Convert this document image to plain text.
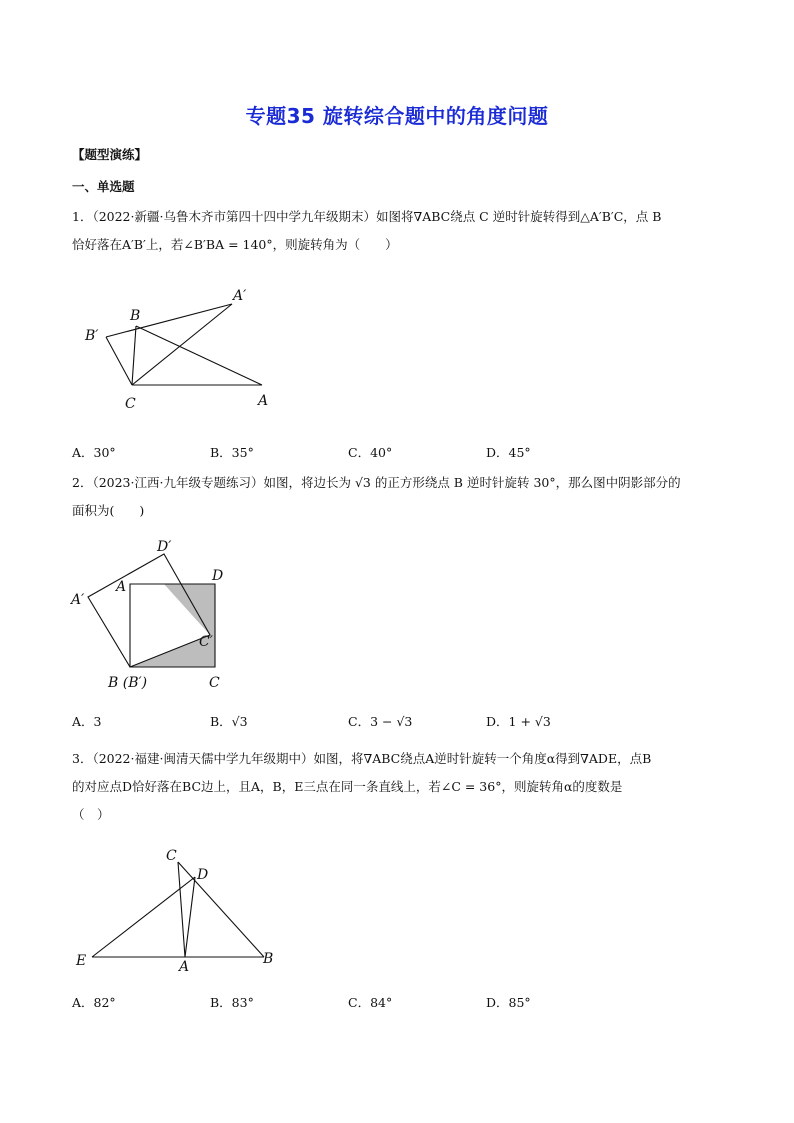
专题35 旋转综合题中的角度问题
【题型演练】
一、单选题
1．（2022·新疆·乌鲁木齐市第四十四中学九年级期末）如图将∇ABC绕点 C 逆时针旋转得到△A′B′C，点 B
恰好落在A′B′上，若∠B′BA = 140°，则旋转角为（　　）
A′
B
B′
C	A
A．30°	B．35°	C．40°	D．45°
2．（2023·江西·九年级专题练习）如图，将边长为 √3 的正方形绕点 B 逆时针旋转 30°，那么图中阴影部分的
面积为(　　)
D′
A′
A
D
C′
B (B′)	C
A．3	B．√3	C．3 − √3	D．1 + √3
3．（2022·福建·闽清天儒中学九年级期中）如图，将∇ABC绕点A逆时针旋转一个角度α得到∇ADE，点B
的对应点D恰好落在BC边上，且A，B，E三点在同一条直线上，若∠C = 36°，则旋转角α的度数是
（　）
C
D
E	A	B
A．82°	B．83°	C．84°	D．85°
